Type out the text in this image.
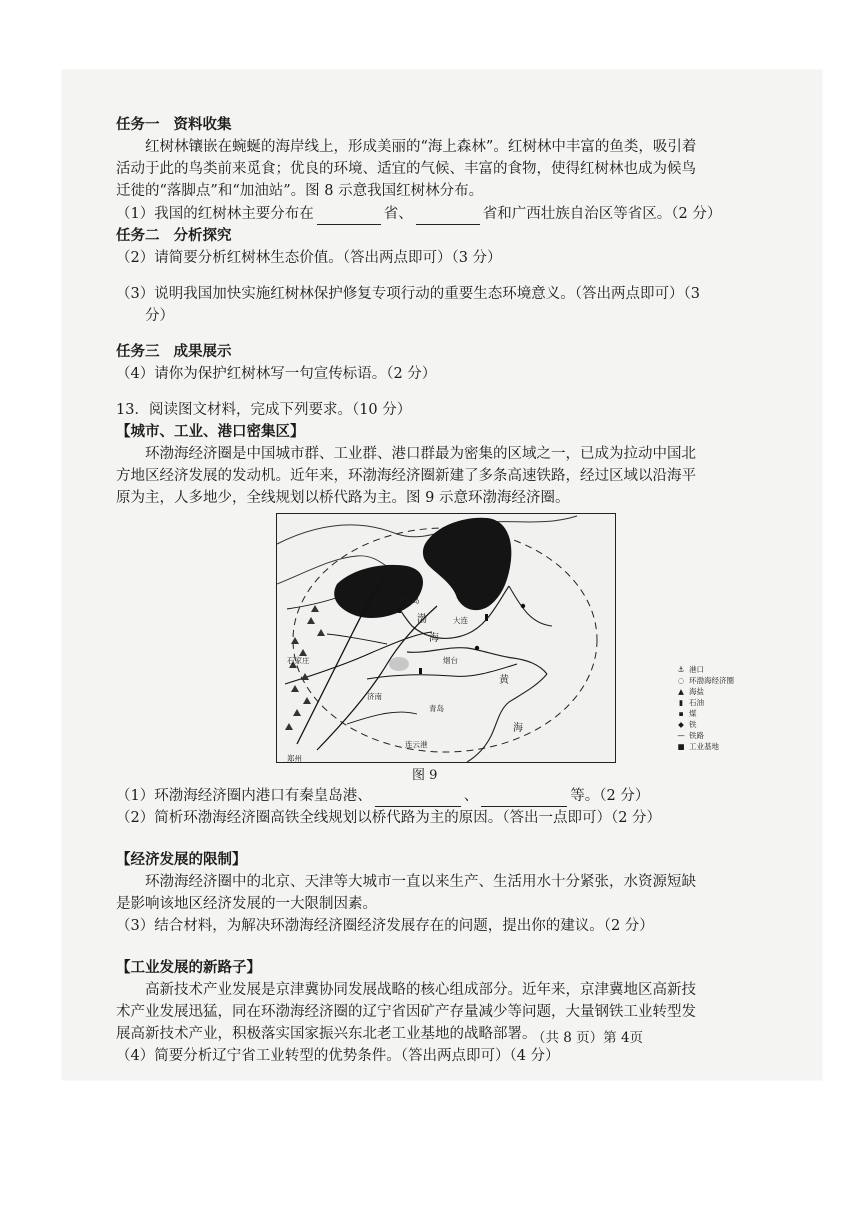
任务一 资料收集

红树林镶嵌在蜿蜒的海岸线上，形成美丽的“海上森林”。红树林中丰富的鱼类，吸引着

活动于此的鸟类前来觅食；优良的环境、适宜的气候、丰富的食物，使得红树林也成为候鸟

迁徙的“落脚点”和“加油站”。图 8 示意我国红树林分布。

（1）我国的红树林主要分布在	省、	省和广西壮族自治区等省区。（2 分）

任务二 分析探究

（2）请简要分析红树林生态价值。（答出两点即可）（3 分）

（3）说明我国加快实施红树林保护修复专项行动的重要生态环境意义。（答出两点即可）（3

分）

任务三 成果展示

（4）请你为保护红树林写一句宣传标语。（2 分）

13．阅读图文材料，完成下列要求。（10 分）

【城市、工业、港口密集区】

环渤海经济圈是中国城市群、工业群、港口群最为密集的区域之一，已成为拉动中国北

方地区经济发展的发动机。近年来，环渤海经济圈新建了多条高速铁路，经过区域以沿海平

原为主，人多地少，全线规划以桥代路为主。图 9 示意环渤海经济圈。

秦皇岛
渤
海
大连
烟台
黄
海
石家庄
济南
青岛
连云港
郑州
⚓ 港口
◌ 环渤海经济圈
▲ 海盐
▮ 石油
▪ 煤
◆ 铁
— 铁路
■ 工业基地
图 9

（1）环渤海经济圈内港口有秦皇岛港、	、	等。（2 分）

（2）简析环渤海经济圈高铁全线规划以桥代路为主的原因。（答出一点即可）（2 分）

【经济发展的限制】

环渤海经济圈中的北京、天津等大城市一直以来生产、生活用水十分紧张，水资源短缺

是影响该地区经济发展的一大限制因素。

（3）结合材料，为解决环渤海经济圈经济发展存在的问题，提出你的建议。（2 分）

【工业发展的新路子】

高新技术产业发展是京津冀协同发展战略的核心组成部分。近年来，京津冀地区高新技

术产业发展迅猛，同在环渤海经济圈的辽宁省因矿产存量减少等问题，大量钢铁工业转型发

展高新技术产业，积极落实国家振兴东北老工业基地的战略部署。

（4）简要分析辽宁省工业转型的优势条件。（答出两点即可）（4 分）

（共 8 页）第 4页
